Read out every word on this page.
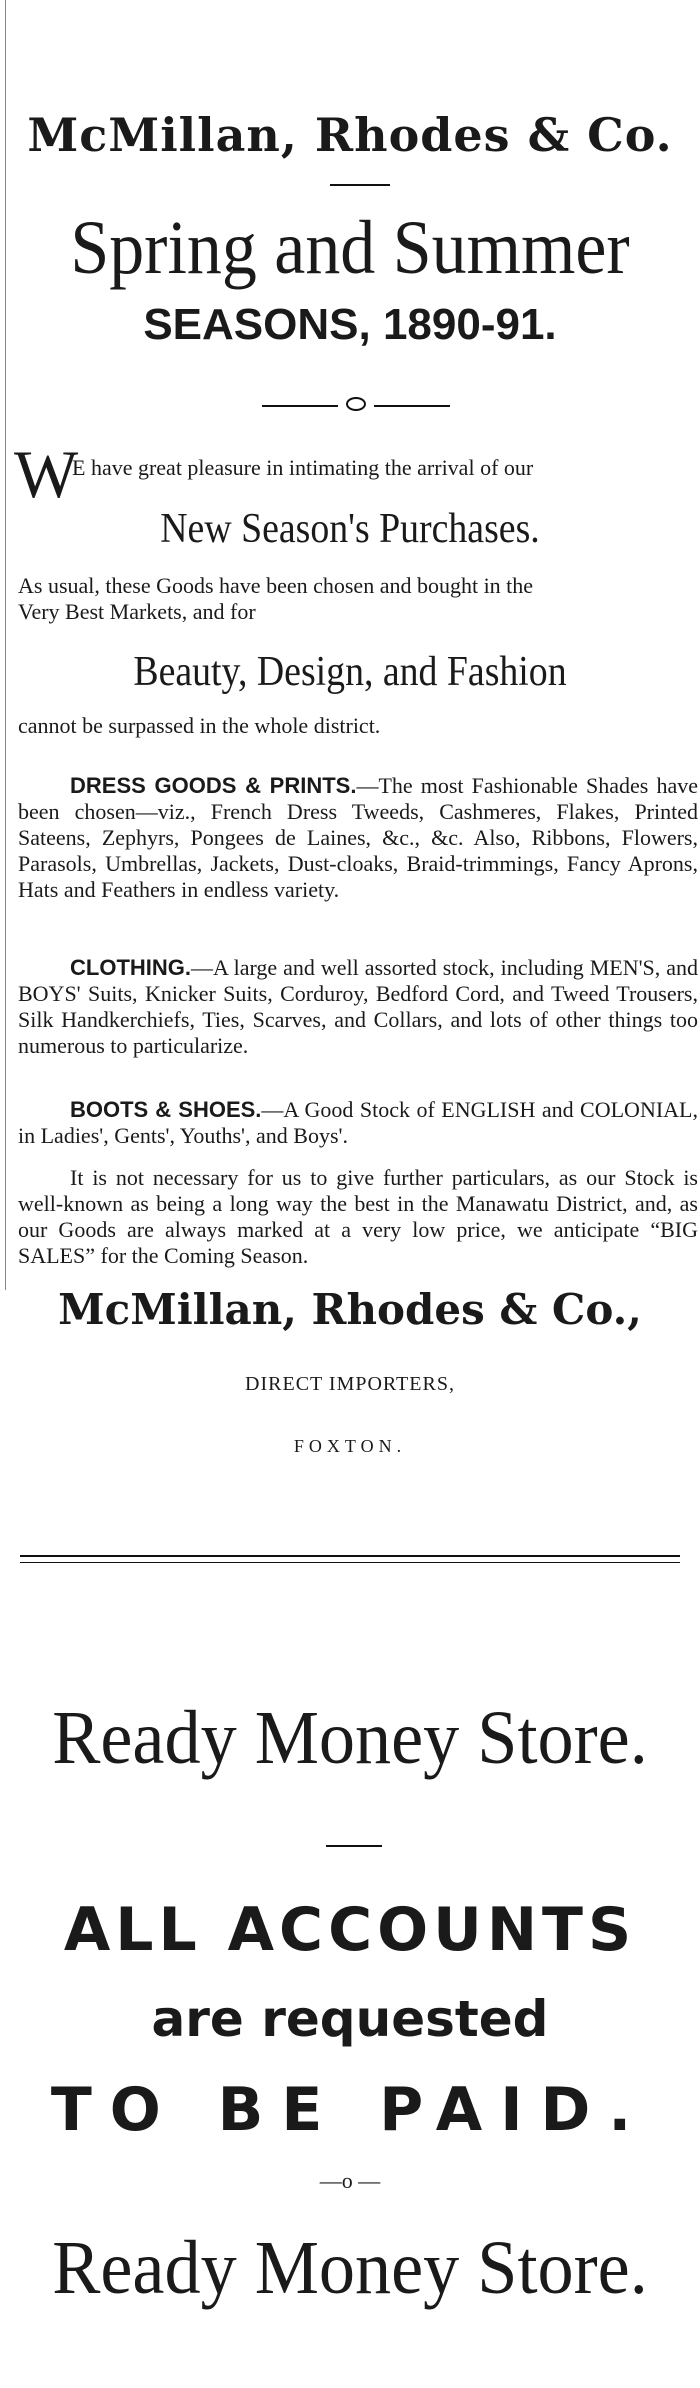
McMillan, Rhodes & Co.
Spring and Summer
SEASONS, 1890-91.
W
E have great pleasure in intimating the arrival of our
New Season's Purchases.
As usual, these Goods have been chosen and bought in the
Very Best Markets, and for
Beauty, Design, and Fashion
cannot be surpassed in the whole district.
DRESS GOODS & PRINTS.—The most Fashionable Shades have been chosen—viz., French Dress Tweeds, Cashmeres, Flakes, Printed Sateens, Zephyrs, Pongees de Laines, &c., &c. Also, Ribbons, Flowers, Parasols, Umbrellas, Jackets, Dust-cloaks, Braid-trimmings, Fancy Aprons, Hats and Feathers in endless variety.
CLOTHING.—A large and well assorted stock, including MEN'S, and BOYS' Suits, Knicker Suits, Corduroy, Bedford Cord, and Tweed Trousers, Silk Handkerchiefs, Ties, Scarves, and Collars, and lots of other things too numerous to particularize.
BOOTS & SHOES.—A Good Stock of ENGLISH and COLONIAL, in Ladies', Gents', Youths', and Boys'.
It is not necessary for us to give further particulars, as our Stock is well-known as being a long way the best in the Manawatu District, and, as our Goods are always marked at a very low price, we anticipate “BIG SALES” for the Coming Season.
McMillan, Rhodes & Co.,
DIRECT IMPORTERS,
FOXTON.
Ready Money Store.
ALL ACCOUNTS
are requested
TO BE PAID.
—o —
Ready Money Store.
